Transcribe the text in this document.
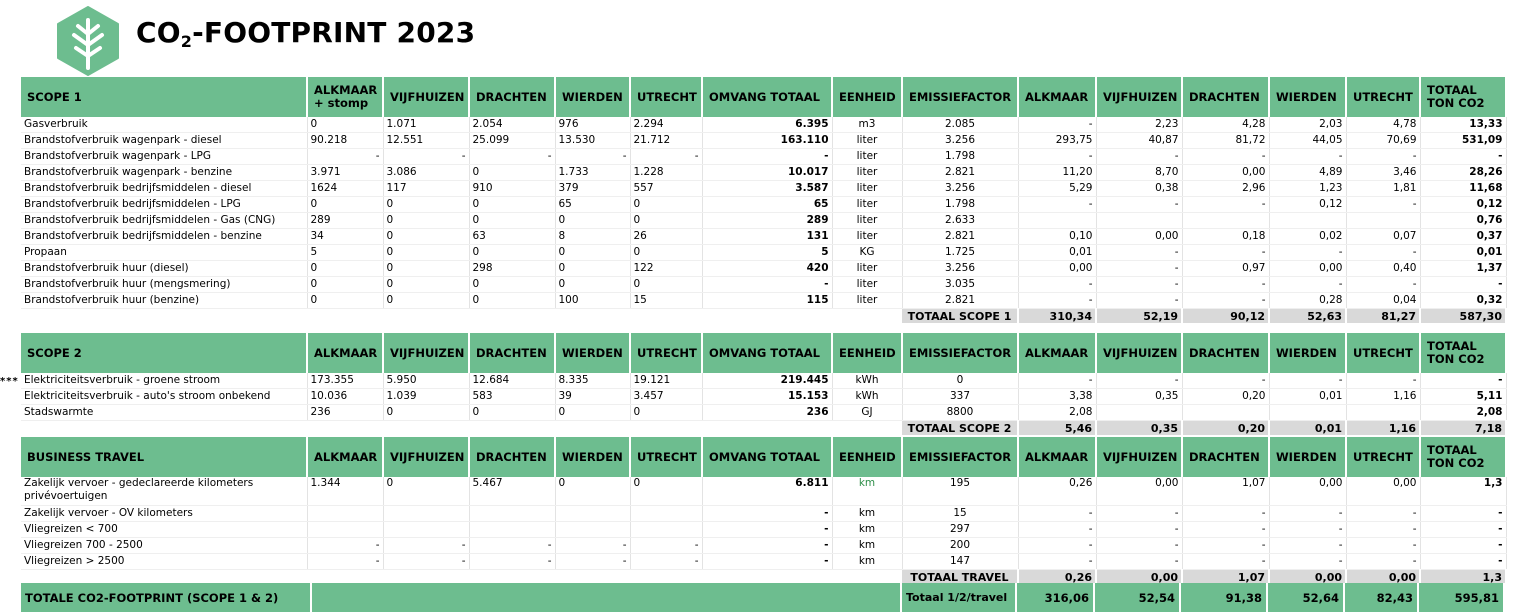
$CO_2$-FOOTPRINT 2023
***
SCOPE 1	ALKMAAR + stomp	VIJFHUIZEN	DRACHTEN	WIERDEN	UTRECHT	OMVANG TOTAAL	EENHEID	EMISSIEFACTOR	ALKMAAR	VIJFHUIZEN	DRACHTEN	WIERDEN	UTRECHT	TOTAAL TON CO2
Gasverbruik	0	1.071	2.054	976	2.294	6.395	m3	2.085	-	2,23	4,28	2,03	4,78	13,33
Brandstofverbruik wagenpark - diesel	90.218	12.551	25.099	13.530	21.712	163.110	liter	3.256	293,75	40,87	81,72	44,05	70,69	531,09
Brandstofverbruik wagenpark - LPG	-	-	-	-	-	-	liter	1.798	-	-	-	-	-	-
Brandstofverbruik wagenpark - benzine	3.971	3.086	0	1.733	1.228	10.017	liter	2.821	11,20	8,70	0,00	4,89	3,46	28,26
Brandstofverbruik bedrijfsmiddelen - diesel	1624	117	910	379	557	3.587	liter	3.256	5,29	0,38	2,96	1,23	1,81	11,68
Brandstofverbruik bedrijfsmiddelen - LPG	0	0	0	65	0	65	liter	1.798	-	-	-	0,12	-	0,12
Brandstofverbruik bedrijfsmiddelen - Gas (CNG)	289	0	0	0	0	289	liter	2.633						0,76
Brandstofverbruik bedrijfsmiddelen - benzine	34	0	63	8	26	131	liter	2.821	0,10	0,00	0,18	0,02	0,07	0,37
Propaan	5	0	0	0	0	5	KG	1.725	0,01	-	-	-	-	0,01
Brandstofverbruik huur (diesel)	0	0	298	0	122	420	liter	3.256	0,00	-	0,97	0,00	0,40	1,37
Brandstofverbruik huur (mengsmering)	0	0	0	0	0	-	liter	3.035	-	-	-	-	-	-
Brandstofverbruik huur (benzine)	0	0	0	100	15	115	liter	2.821	-	-	-	0,28	0,04	0,32
								TOTAAL SCOPE 1	310,34	52,19	90,12	52,63	81,27	587,30
SCOPE 2	ALKMAAR	VIJFHUIZEN	DRACHTEN	WIERDEN	UTRECHT	OMVANG TOTAAL	EENHEID	EMISSIEFACTOR	ALKMAAR	VIJFHUIZEN	DRACHTEN	WIERDEN	UTRECHT	TOTAAL TON CO2
Elektriciteitsverbruik - groene stroom	173.355	5.950	12.684	8.335	19.121	219.445	kWh	0	-	-	-	-	-	-
Elektriciteitsverbruik - auto's stroom onbekend	10.036	1.039	583	39	3.457	15.153	kWh	337	3,38	0,35	0,20	0,01	1,16	5,11
Stadswarmte	236	0	0	0	0	236	GJ	8800	2,08					2,08
								TOTAAL SCOPE 2	5,46	0,35	0,20	0,01	1,16	7,18
BUSINESS TRAVEL	ALKMAAR	VIJFHUIZEN	DRACHTEN	WIERDEN	UTRECHT	OMVANG TOTAAL	EENHEID	EMISSIEFACTOR	ALKMAAR	VIJFHUIZEN	DRACHTEN	WIERDEN	UTRECHT	TOTAAL TON CO2
Zakelijk vervoer - gedeclareerde kilometers privévoertuigen	1.344	0	5.467	0	0	6.811	km	195	0,26	0,00	1,07	0,00	0,00	1,3
Zakelijk vervoer - OV kilometers						-	km	15	-	-	-	-	-	-
Vliegreizen < 700						-	km	297	-	-	-	-	-	-
Vliegreizen 700 - 2500	-	-	-	-	-	-	km	200	-	-	-	-	-	-
Vliegreizen > 2500	-	-	-	-	-	-	km	147	-	-	-	-	-	-
								TOTAAL TRAVEL	0,26	0,00	1,07	0,00	0,00	1,3
TOTALE CO2-FOOTPRINT (SCOPE 1 & 2)		Totaal 1/2/travel	316,06	52,54	91,38	52,64	82,43	595,81
